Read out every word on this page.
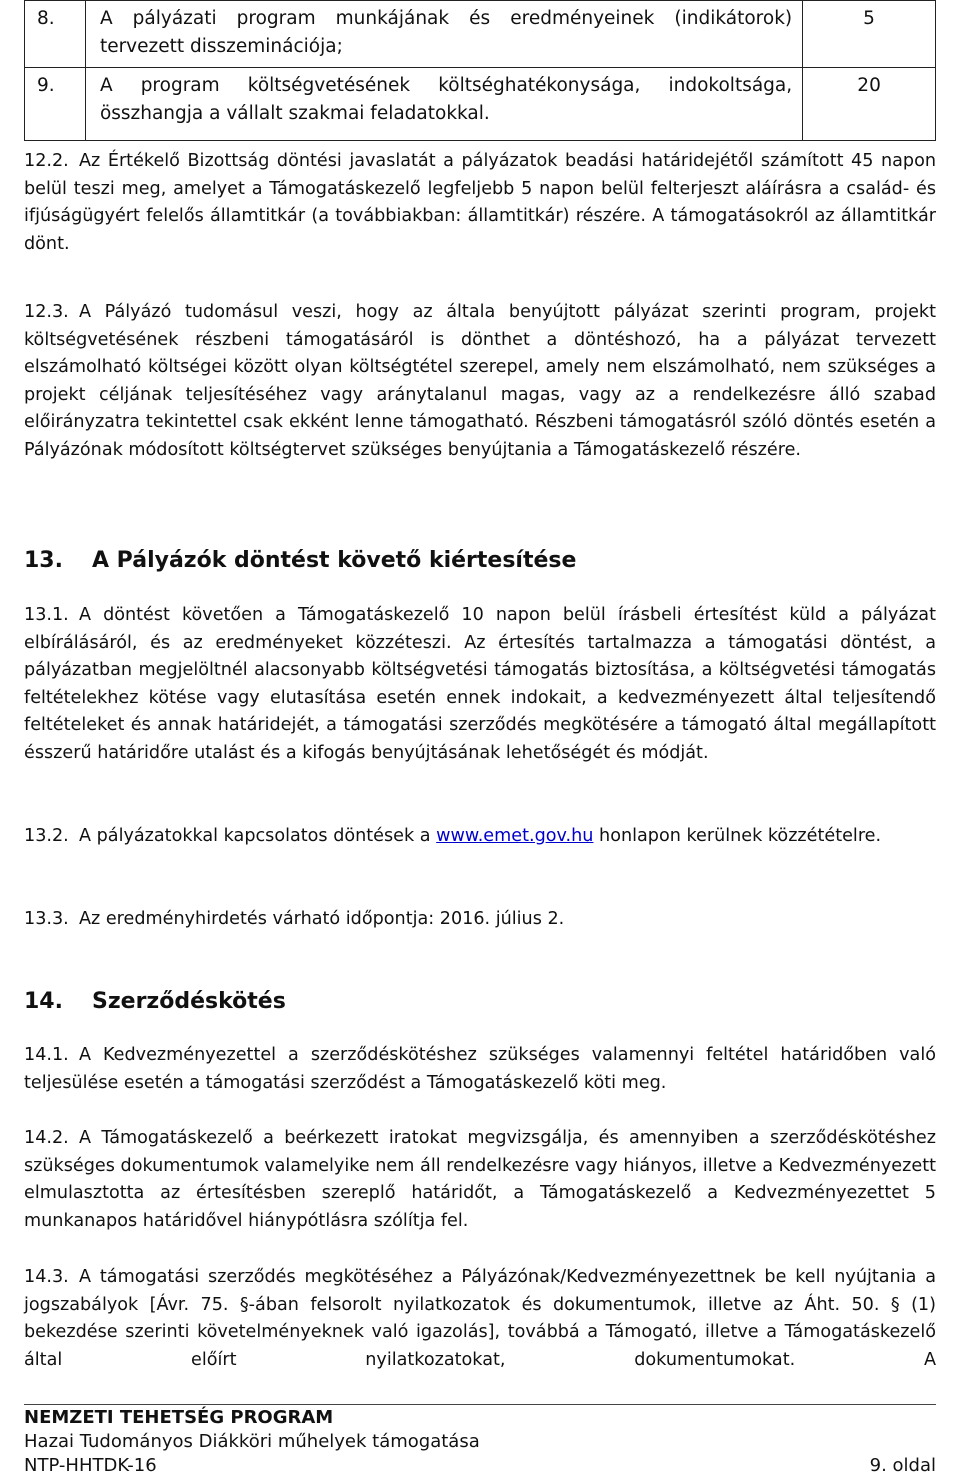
8.	A pályázati program munkájának és eredményeinek (indikátorok) tervezett disszeminációja;	5
9.	A program költségvetésének költséghatékonysága, indokoltsága, összhangja a vállalt szakmai feladatokkal.	20

12.2. Az Értékelő Bizottság döntési javaslatát a pályázatok beadási határidejétől számított 45 napon belül teszi meg, amelyet a Támogatáskezelő legfeljebb 5 napon belül felterjeszt aláírásra a család- és ifjúságügyért felelős államtitkár (a továbbiakban: államtitkár) részére. A támogatásokról az államtitkár dönt.

12.3. A Pályázó tudomásul veszi, hogy az általa benyújtott pályázat szerinti program, projekt költségvetésének részbeni támogatásáról is dönthet a döntéshozó, ha a pályázat tervezett elszámolható költségei között olyan költségtétel szerepel, amely nem elszámolható, nem szükséges a projekt céljának teljesítéséhez vagy aránytalanul magas, vagy az a rendelkezésre álló szabad előirányzatra tekintettel csak ekként lenne támogatható. Részbeni támogatásról szóló döntés esetén a Pályázónak módosított költségtervet szükséges benyújtania a Támogatáskezelő részére.

13. A Pályázók döntést követő kiértesítése

13.1. A döntést követően a Támogatáskezelő 10 napon belül írásbeli értesítést küld a pályázat elbírálásáról, és az eredményeket közzéteszi. Az értesítés tartalmazza a támogatási döntést, a pályázatban megjelöltnél alacsonyabb költségvetési támogatás biztosítása, a költségvetési támogatás feltételekhez kötése vagy elutasítása esetén ennek indokait, a kedvezményezett által teljesítendő feltételeket és annak határidejét, a támogatási szerződés megkötésére a támogató által megállapított ésszerű határidőre utalást és a kifogás benyújtásának lehetőségét és módját.

13.2. A pályázatokkal kapcsolatos döntések a www.emet.gov.hu honlapon kerülnek közzétételre.

13.3. Az eredményhirdetés várható időpontja: 2016. július 2.

14. Szerződéskötés

14.1. A Kedvezményezettel a szerződéskötéshez szükséges valamennyi feltétel határidőben való teljesülése esetén a támogatási szerződést a Támogatáskezelő köti meg.

14.2. A Támogatáskezelő a beérkezett iratokat megvizsgálja, és amennyiben a szerződéskötéshez szükséges dokumentumok valamelyike nem áll rendelkezésre vagy hiányos, illetve a Kedvezményezett elmulasztotta az értesítésben szereplő határidőt, a Támogatáskezelő a Kedvezményezettet 5 munkanapos határidővel hiánypótlásra szólítja fel.

14.3. A támogatási szerződés megkötéséhez a Pályázónak/Kedvezményezettnek be kell nyújtania a jogszabályok [Ávr. 75. §-ában felsorolt nyilatkozatok és dokumentumok, illetve az Áht. 50. § (1) bekezdése szerinti követelményeknek való igazolás], továbbá a Támogató, illetve a Támogatáskezelő által előírt nyilatkozatokat, dokumentumokat. A

NEMZETI TEHETSÉG PROGRAM
Hazai Tudományos Diákköri műhelyek támogatása
NTP-HHTDK-16	9. oldal
